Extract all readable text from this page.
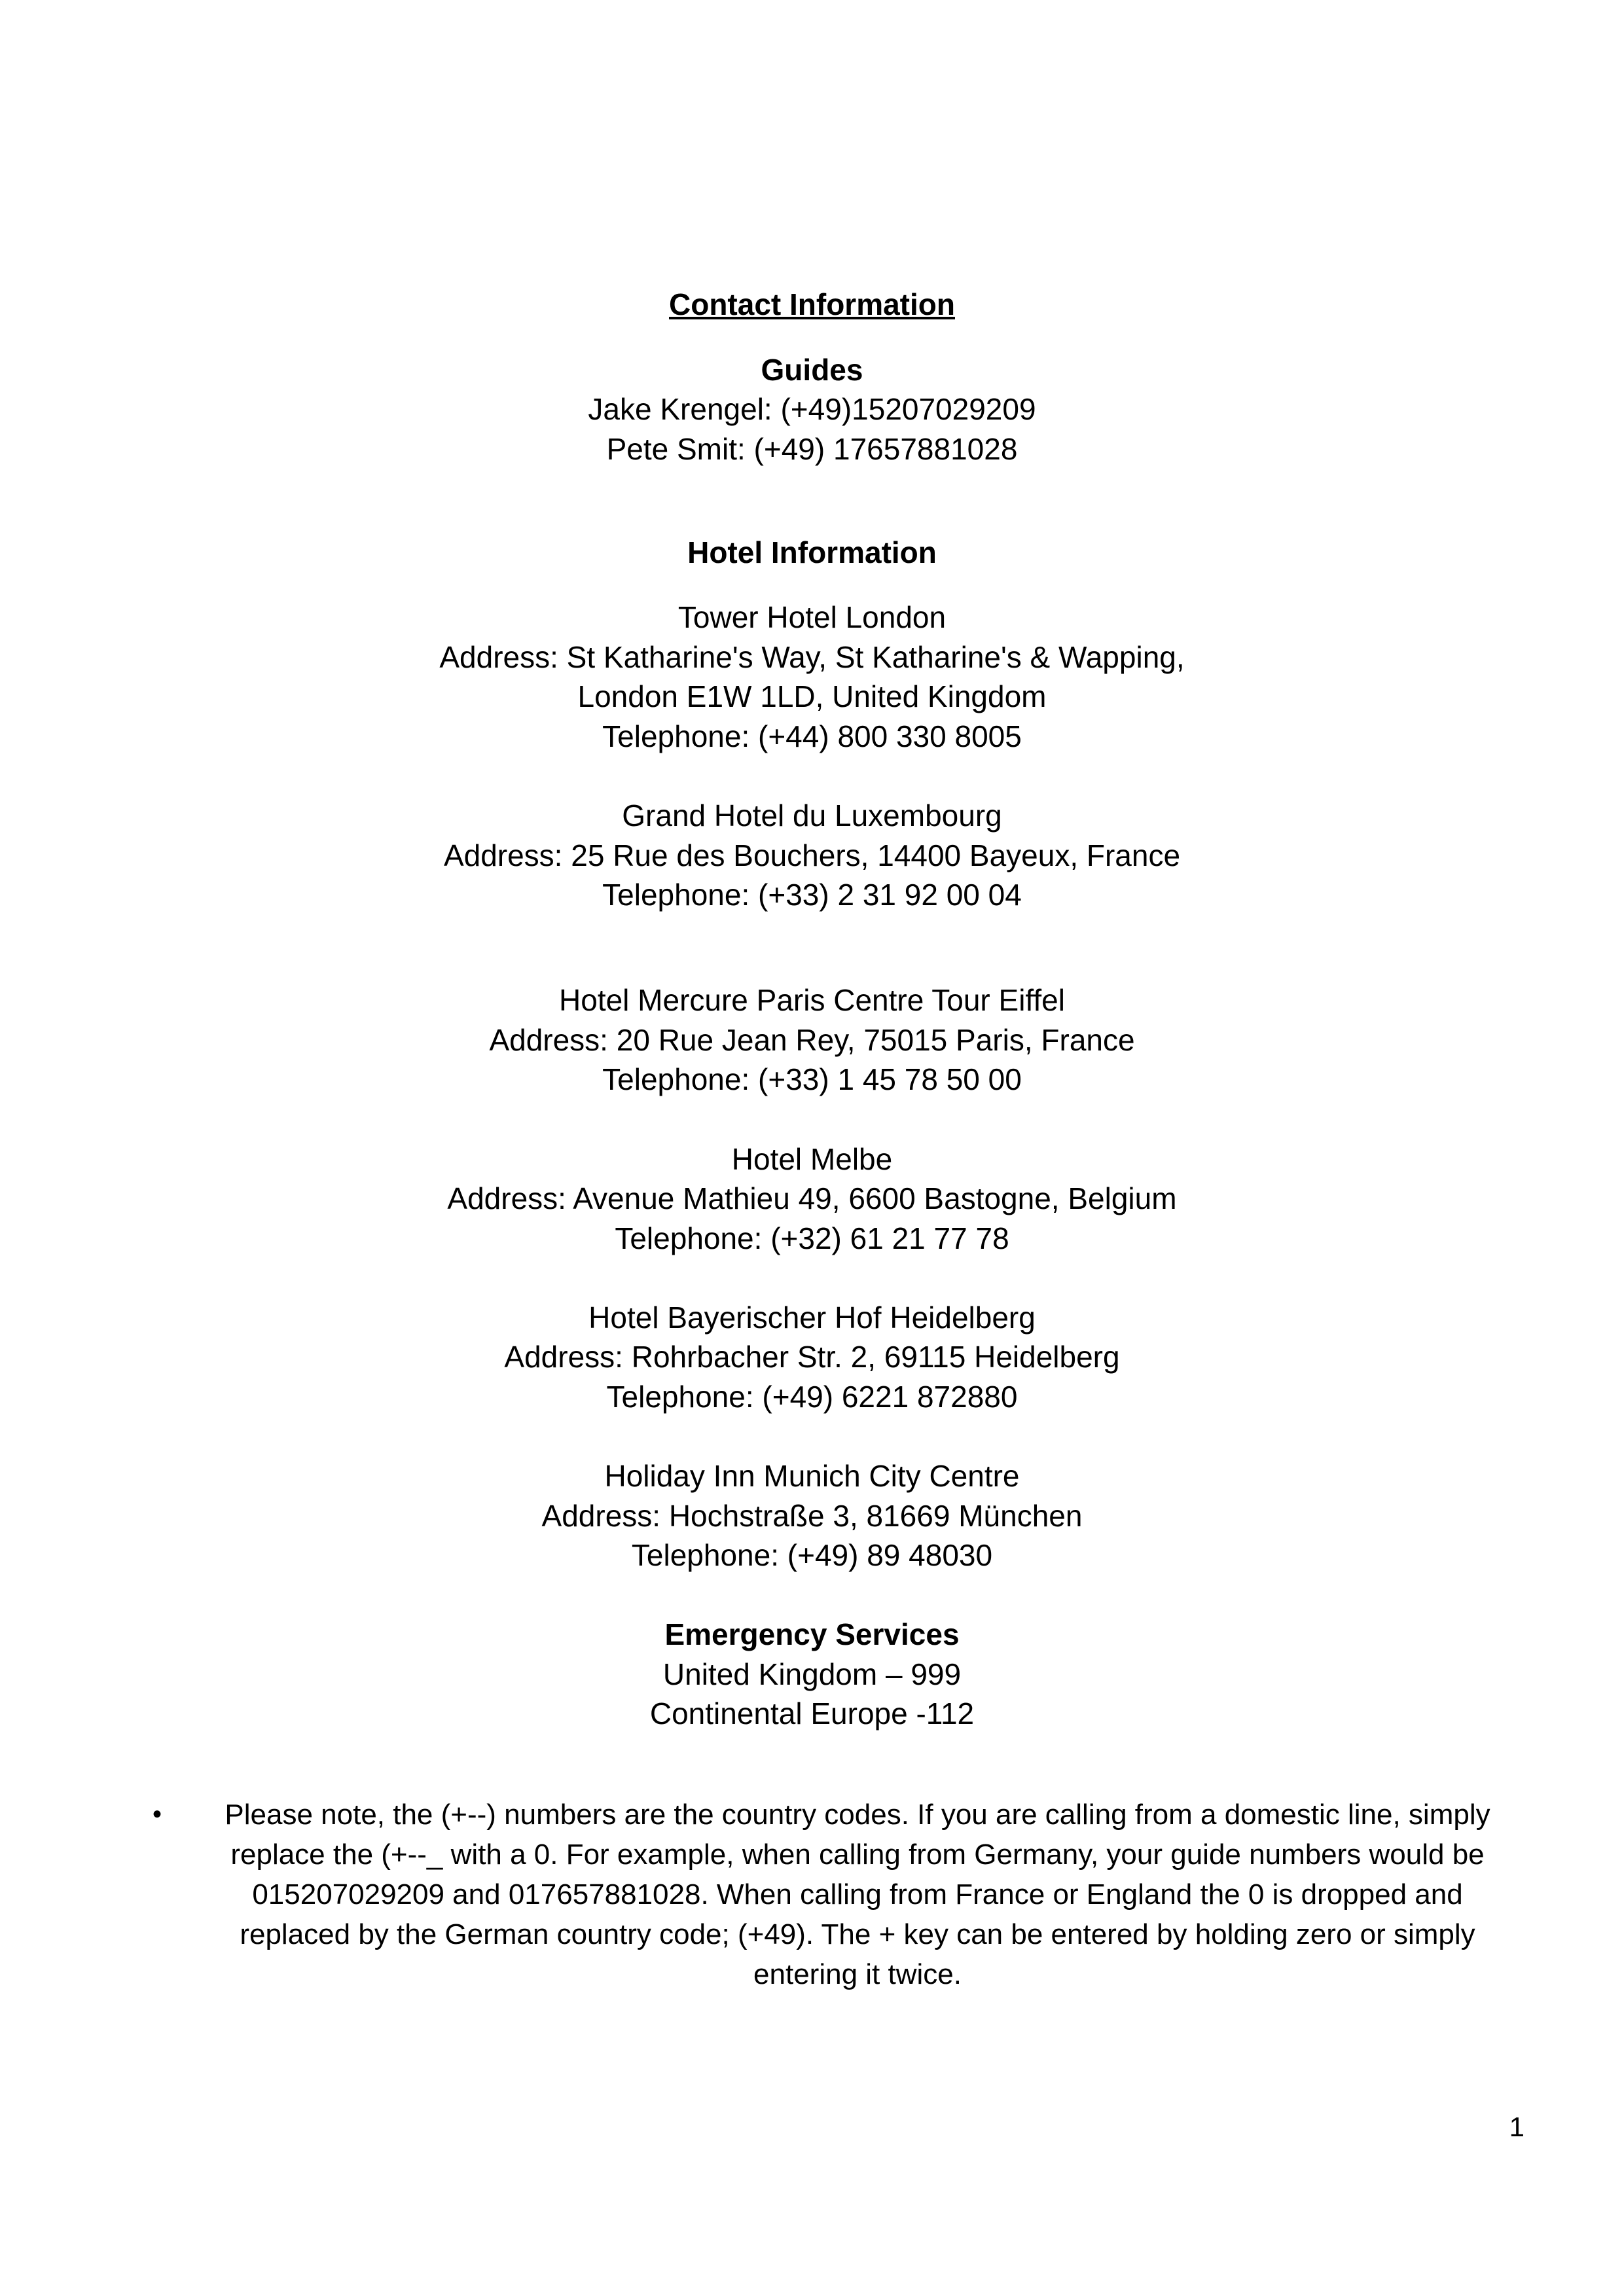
Contact Information
Guides
Jake Krengel: (+49)15207029209
Pete Smit: (+49) 17657881028
Hotel Information
Tower Hotel London
Address: St Katharine's Way, St Katharine's & Wapping,
London E1W 1LD, United Kingdom
Telephone: (+44) 800 330 8005
Grand Hotel du Luxembourg
Address: 25 Rue des Bouchers, 14400 Bayeux, France
Telephone: (+33) 2 31 92 00 04
Hotel Mercure Paris Centre Tour Eiffel
Address: 20 Rue Jean Rey, 75015 Paris, France
Telephone: (+33) 1 45 78 50 00
Hotel Melbe
Address: Avenue Mathieu 49, 6600 Bastogne, Belgium
Telephone: (+32) 61 21 77 78
Hotel Bayerischer Hof Heidelberg
Address: Rohrbacher Str. 2, 69115 Heidelberg
Telephone: (+49) 6221 872880
Holiday Inn Munich City Centre
Address: Hochstraße 3, 81669 München
Telephone: (+49) 89 48030
Emergency Services
United Kingdom – 999
Continental Europe -112
•	Please note, the (+--) numbers are the country codes. If you are calling from a domestic line, simply replace the (+--_ with a 0. For example, when calling from Germany, your guide numbers would be 015207029209 and 017657881028. When calling from France or England the 0 is dropped and replaced by the German country code; (+49). The + key can be entered by holding zero or simply entering it twice.
1
